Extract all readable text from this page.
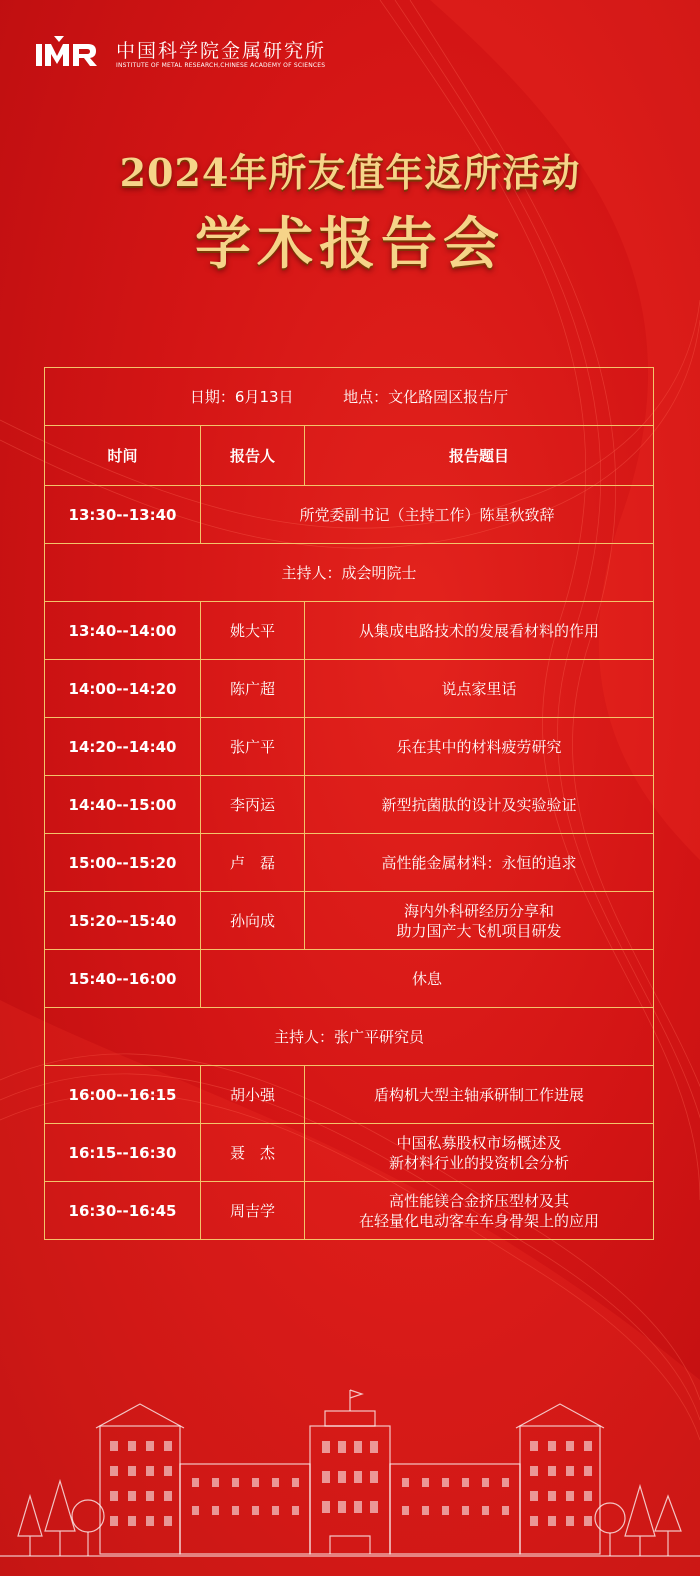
中国科学院金属研究所
INSTITUTE OF METAL RESEARCH,CHINESE ACADEMY OF SCIENCES
2024年所友值年返所活动
学术报告会
日期：6月13日 地点：文化路园区报告厅		
时间	报告人	报告题目
13:30--13:40	所党委副书记（主持工作）陈星秋致辞	
主持人：成会明院士		
13:40--14:00	姚大平	从集成电路技术的发展看材料的作用
14:00--14:20	陈广超	说点家里话
14:20--14:40	张广平	乐在其中的材料疲劳研究
14:40--15:00	李丙运	新型抗菌肽的设计及实验验证
15:00--15:20	卢　磊	高性能金属材料：永恒的追求
15:20--15:40	孙向成	海内外科研经历分享和
助力国产大飞机项目研发

15:40--16:00	休息	
主持人：张广平研究员		
16:00--16:15	胡小强	盾构机大型主轴承研制工作进展
16:15--16:30	聂　杰	中国私募股权市场概述及
新材料行业的投资机会分析

16:30--16:45	周吉学	高性能镁合金挤压型材及其
在轻量化电动客车车身骨架上的应用
